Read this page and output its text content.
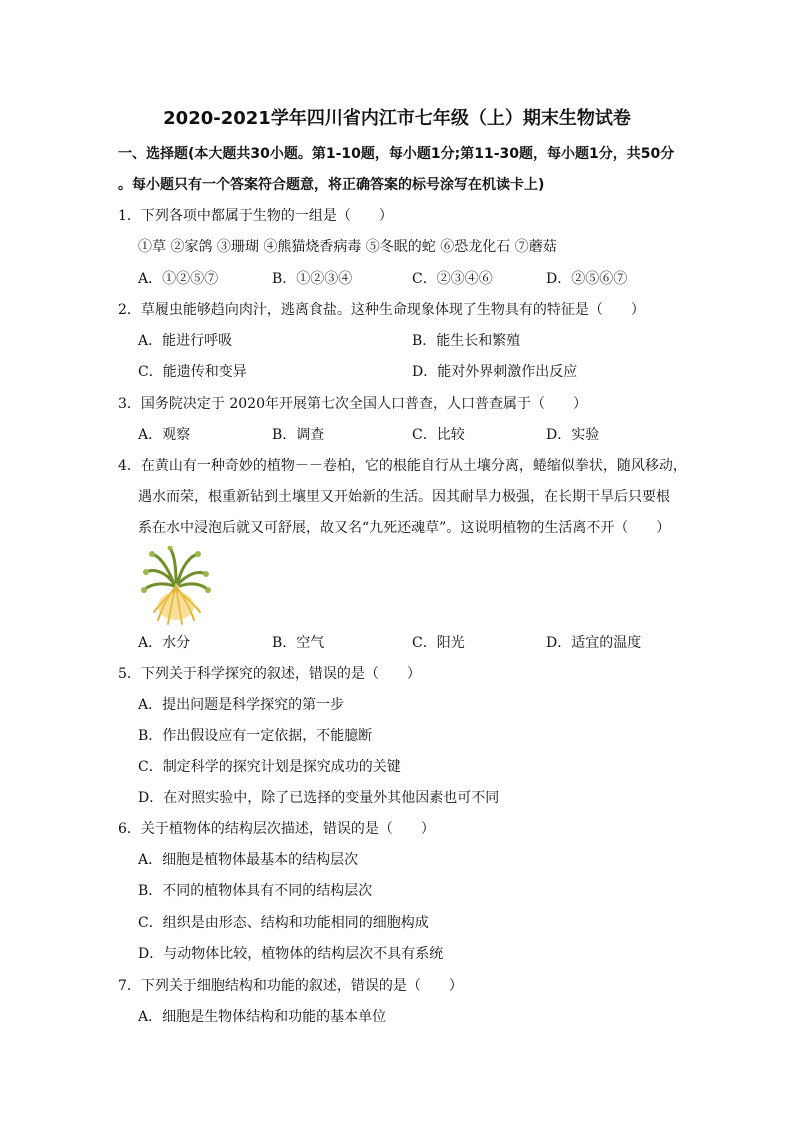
2020-2021学年四川省内江市七年级（上）期末生物试卷
一、选择题(本大题共30小题。第1-10题，每小题1分;第11-30题，每小题1分，共50分
。每小题只有一个答案符合题意，将正确答案的标号涂写在机读卡上)
1．下列各项中都属于生物的一组是（　　）
①草 ②家鸽 ③珊瑚 ④熊猫烧香病毒 ⑤冬眠的蛇 ⑥恐龙化石 ⑦蘑菇
A．①②⑤⑦	B．①②③④	C．②③④⑥	D．②⑤⑥⑦
2．草履虫能够趋向肉汁，逃离食盐。这种生命现象体现了生物具有的特征是（　　）
A．能进行呼吸	B．能生长和繁殖
C．能遗传和变异	D．能对外界刺激作出反应
3．国务院决定于 2020年开展第七次全国人口普查，人口普查属于（　　）
A．观察	B．调查	C．比较	D．实验
4．在黄山有一种奇妙的植物－－卷柏，它的根能自行从土壤分离，蜷缩似拳状，随风移动，
遇水而荣，根重新钻到土壤里又开始新的生活。因其耐旱力极强，在长期干旱后只要根
系在水中浸泡后就又可舒展，故又名“九死还魂草”。这说明植物的生活离不开（　　）
A．水分	B．空气	C．阳光	D．适宜的温度
5．下列关于科学探究的叙述，错误的是（　　）
A．提出问题是科学探究的第一步
B．作出假设应有一定依据，不能臆断
C．制定科学的探究计划是探究成功的关键
D．在对照实验中，除了已选择的变量外其他因素也可不同
6．关于植物体的结构层次描述，错误的是（　　）
A．细胞是植物体最基本的结构层次
B．不同的植物体具有不同的结构层次
C．组织是由形态、结构和功能相同的细胞构成
D．与动物体比较，植物体的结构层次不具有系统
7．下列关于细胞结构和功能的叙述，错误的是（　　）
A．细胞是生物体结构和功能的基本单位
